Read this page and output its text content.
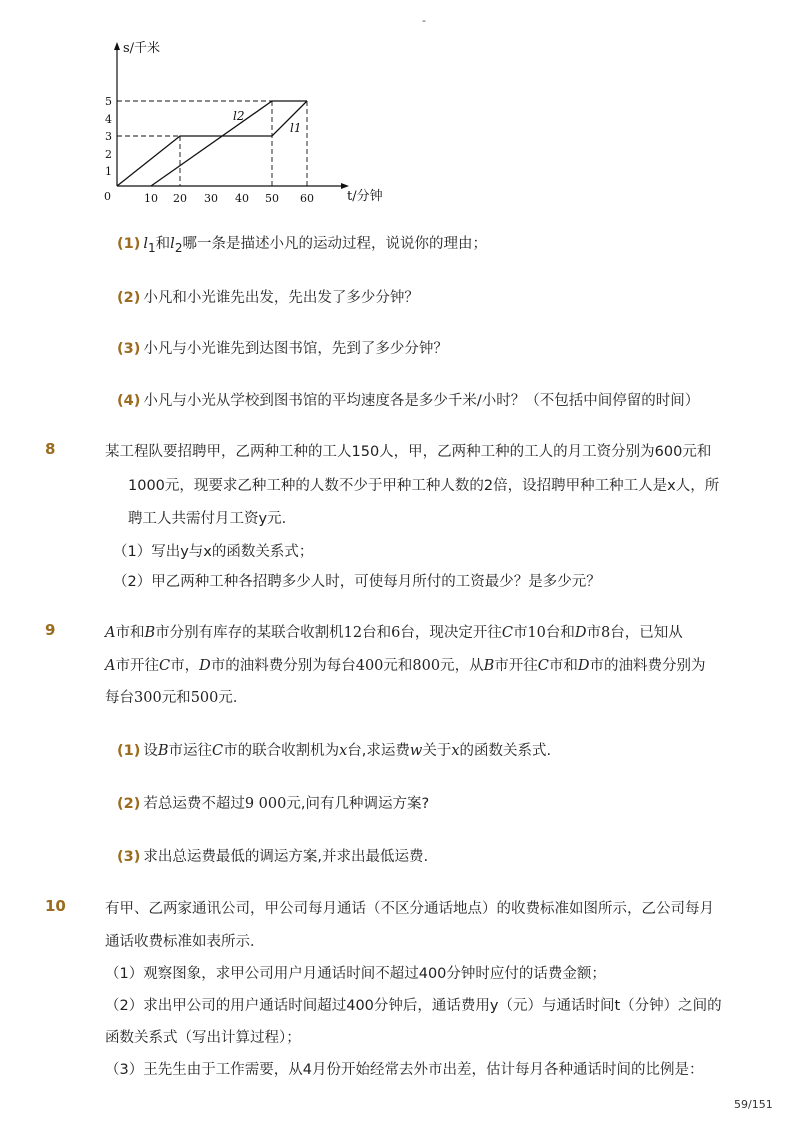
-
s/千米
t/分钟
0
1
2
3
4
5
10 20 30 40 50 60
l2
l1
(1) $l_1$和$l_2$哪一条是描述小凡的运动过程，说说你的理由；
(2) 小凡和小光谁先出发，先出发了多少分钟？
(3) 小凡与小光谁先到达图书馆，先到了多少分钟？
(4) 小凡与小光从学校到图书馆的平均速度各是多少千米/小时？（不包括中间停留的时间）
8	某工程队要招聘甲，乙两种工种的工人150人，甲，乙两种工种的工人的月工资分别为600元和
1000元，现要求乙种工种的人数不少于甲种工种人数的2倍，设招聘甲种工种工人是x人，所
聘工人共需付月工资y元．
（1）写出y与x的函数关系式；
（2）甲乙两种工种各招聘多少人时，可使每月所付的工资最少？是多少元？
9	A市和B市分别有库存的某联合收割机12台和6台，现决定开往C市10台和D市8台，已知从
A市开往C市，D市的油料费分别为每台400元和800元，从B市开往C市和D市的油料费分别为
每台300元和500元．
(1) 设B市运往C市的联合收割机为x台,求运费w关于x的函数关系式.
(2) 若总运费不超过9 000元,问有几种调运方案?
(3) 求出总运费最低的调运方案,并求出最低运费.
10	有甲、乙两家通讯公司，甲公司每月通话（不区分通话地点）的收费标准如图所示，乙公司每月
通话收费标准如表所示．
（1）观察图象，求甲公司用户月通话时间不超过400分钟时应付的话费金额；
（2）求出甲公司的用户通话时间超过400分钟后，通话费用y（元）与通话时间t（分钟）之间的
函数关系式（写出计算过程）；
（3）王先生由于工作需要，从4月份开始经常去外市出差，估计每月各种通话时间的比例是：
59/151
